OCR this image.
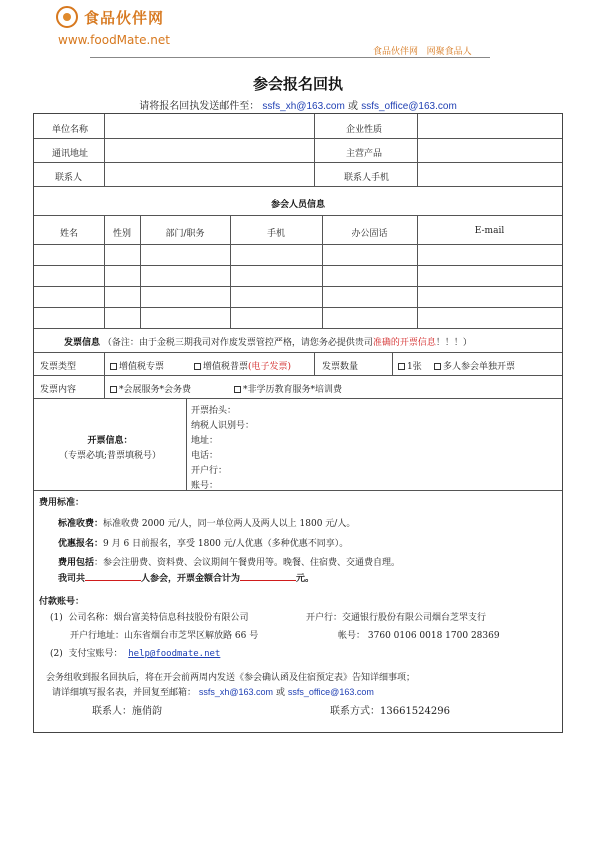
食品伙伴网
www.foodMate.net
食品伙伴网 网聚食品人
参会报名回执
请将报名回执发送邮件至： ssfs_xh@163.com 或 ssfs_office@163.com
单位名称	企业性质
通讯地址	主营产品
联系人	联系人手机
参会人员信息
姓名	性别	部门/职务	手机	办公固话	E-mail
发票信息 （备注：由于金税三期我司对作废发票管控严格，请您务必提供贵司准确的开票信息！！！）
发票类型	增值税专票	增值税普票(电子发票)	发票数量	1张	多人参会单独开票
发票内容	*会展服务*会务费	*非学历教育服务*培训费
开票信息：
（专票必填;普票填税号）
开票抬头：
纳税人识别号：
地址：
电话：
开户行：
账号：
费用标准：
标准收费：标准收费 2000 元/人，同一单位两人及两人以上 1800 元/人。
优惠报名：9 月 6 日前报名，享受 1800 元/人优惠（多种优惠不同享）。
费用包括：参会注册费、资料费、会议期间午餐费用等。晚餐、住宿费、交通费自理。
我司共	人参会，开票金额合计为	元。
付款账号：
(1) 公司名称：烟台富美特信息科技股份有限公司	开户行：交通银行股份有限公司烟台芝罘支行
开户行地址：山东省烟台市芝罘区解放路 66 号	帐号： 3760 0106 0018 1700 28369
(2) 支付宝账号： help@foodmate.net
会务组收到报名回执后，将在开会前两周内发送《参会确认函及住宿预定表》告知详细事项；
请详细填写报名表，并回复至邮箱： ssfs_xh@163.com 或 ssfs_office@163.com
联系人：施俏韵	联系方式：13661524296
